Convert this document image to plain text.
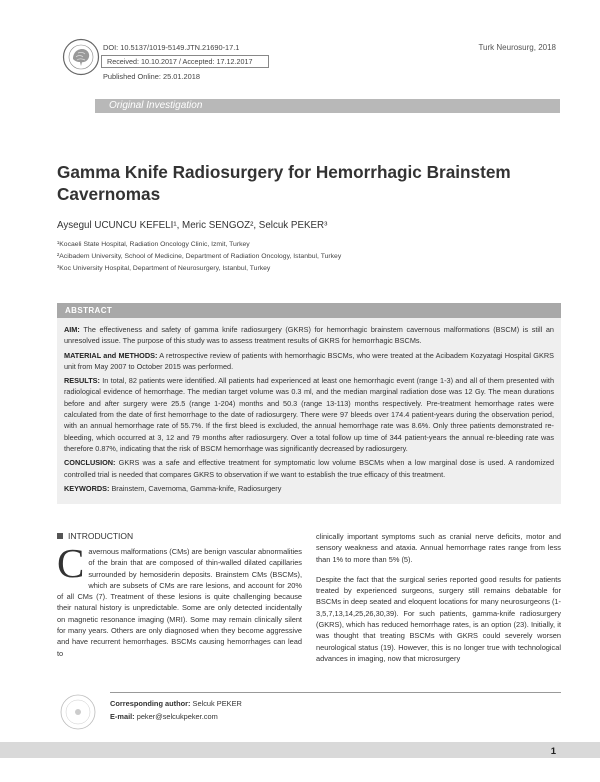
DOI: 10.5137/1019-5149.JTN.21690-17.1
Received: 10.10.2017 / Accepted: 17.12.2017
Published Online: 25.01.2018
Turk Neurosurg, 2018
Original Investigation
Gamma Knife Radiosurgery for Hemorrhagic Brainstem Cavernomas
Aysegul UCUNCU KEFELI¹, Meric SENGOZ², Selcuk PEKER³
¹Kocaeli State Hospital, Radiation Oncology Clinic, Izmit, Turkey
²Acibadem University, School of Medicine, Department of Radiation Oncology, Istanbul, Turkey
³Koc University Hospital, Department of Neurosurgery, Istanbul, Turkey
ABSTRACT

AIM: The effectiveness and safety of gamma knife radiosurgery (GKRS) for hemorrhagic brainstem cavernous malformations (BSCM) is still an unresolved issue. The purpose of this study was to assess treatment results of GKRS for hemorrhagic BSCMs.

MATERIAL and METHODS: A retrospective review of patients with hemorrhagic BSCMs, who were treated at the Acibadem Kozyatagi Hospital GKRS unit from May 2007 to October 2015 was performed.

RESULTS: In total, 82 patients were identified. All patients had experienced at least one hemorrhagic event (range 1-3) and all of them presented with radiological evidence of hemorrhage. The median target volume was 0.3 ml, and the median marginal radiation dose was 12 Gy. The mean durations before and after surgery were 25.5 (range 1-204) months and 50.3 (range 13-113) months respectively. Pre-treatment hemorrhage rates were calculated from the date of first hemorrhage to the date of radiosurgery. There were 97 bleeds over 174.4 patient-years during the observation period, with an annual hemorrhage rate of 55.7%. If the first bleed is excluded, the annual hemorrhage rate was 8.6%. Only three patients demonstrated re-bleeding, which occurred at 3, 12 and 79 months after radiosurgery. Over a total follow up time of 344 patient-years the annual re-bleeding rate was therefore 0.87%, indicating that the risk of BSCM hemorrhage was significantly decreased by radiosurgery.

CONCLUSION: GKRS was a safe and effective treatment for symptomatic low volume BSCMs when a low marginal dose is used. A randomized controlled trial is needed that compares GKRS to observation if we want to establish the true efficacy of this treatment.

KEYWORDS: Brainstem, Cavernoma, Gamma-knife, Radiosurgery

INTRODUCTION

Cavernous malformations (CMs) are benign vascular abnormalities of the brain that are composed of thin-walled dilated capillaries surrounded by hemosiderin deposits. Brainstem CMs (BSCMs), which are subsets of CMs are rare lesions, and account for 20% of all CMs (7). Treatment of these lesions is quite challenging because their natural history is unpredictable. Some are only detected incidentally on magnetic resonance imaging (MRI). Some may remain clinically silent for many years. Others are only diagnosed when they become aggressive and have recurrent hemorrhages. BSCMs causing hemorrhages can lead to

clinically important symptoms such as cranial nerve deficits, motor and sensory weakness and ataxia. Annual hemorrhage rates range from less than 1% to more than 5% (5).

Despite the fact that the surgical series reported good results for patients treated by experienced surgeons, surgery still remains debatable for BSCMs in deep seated and eloquent locations for many neurosurgeons (1-3,5,7,13,14,25,26,30,39). For such patients, gamma-knife radiosurgery (GKRS), which has reduced hemorrhage rates, is an option (23). Initially, it was thought that treating BSCMs with GKRS could severely worsen neurological status (19). However, this is no longer true with technological advances in imaging, now that microsurgery

Corresponding author: Selcuk PEKER
E-mail: peker@selcukpeker.com
1
